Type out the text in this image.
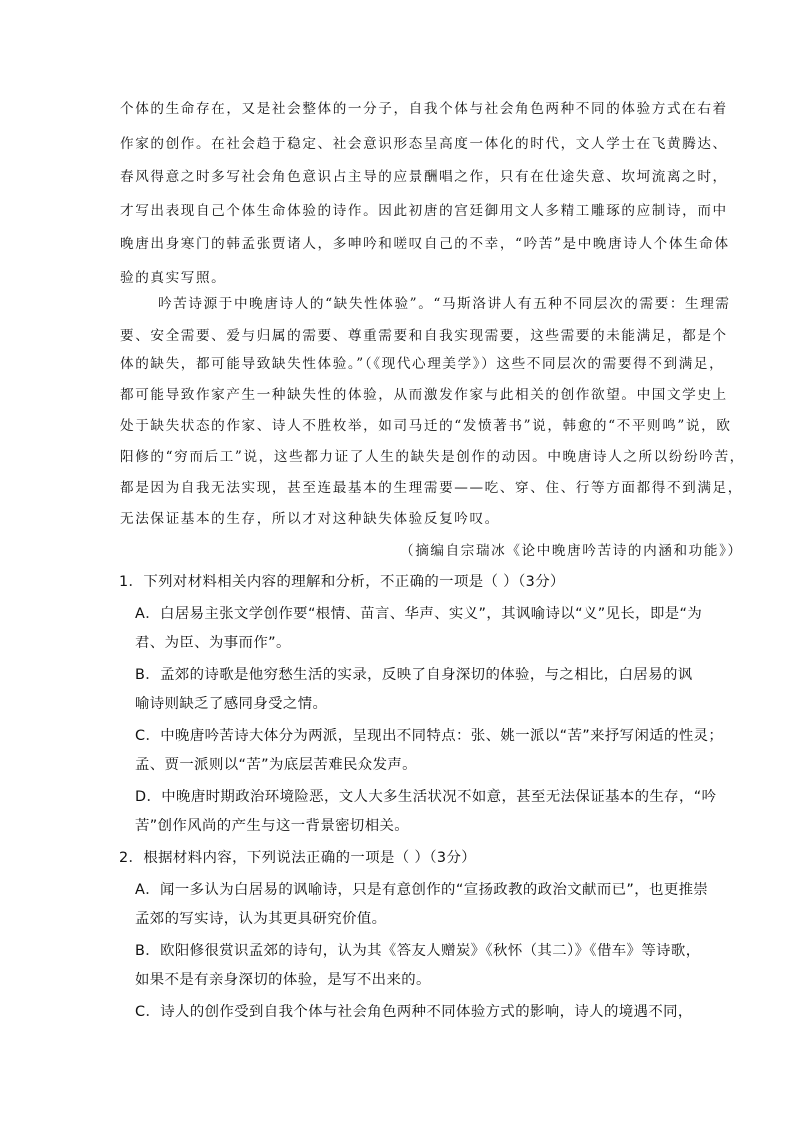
个体的生命存在，又是社会整体的一分子，自我个体与社会角色两种不同的体验方式在右着
作家的创作。在社会趋于稳定、社会意识形态呈高度一体化的时代，文人学士在飞黄腾达、
春风得意之时多写社会角色意识占主导的应景酬唱之作，只有在仕途失意、坎坷流离之时，
才写出表现自己个体生命体验的诗作。因此初唐的宫廷御用文人多精工雕琢的应制诗，而中
晚唐出身寒门的韩孟张贾诸人，多呻吟和嗟叹自己的不幸，“吟苦”是中晚唐诗人个体生命体
验的真实写照。
吟苦诗源于中晚唐诗人的“缺失性体验”。“马斯洛讲人有五种不同层次的需要：生理需
要、安全需要、爱与归属的需要、尊重需要和自我实现需要，这些需要的未能满足，都是个
体的缺失，都可能导致缺失性体验。”（《现代心理美学》）这些不同层次的需要得不到满足，
都可能导致作家产生一种缺失性的体验，从而激发作家与此相关的创作欲望。中国文学史上
处于缺失状态的作家、诗人不胜枚举，如司马迁的“发愤著书”说，韩愈的“不平则鸣”说，欧
阳修的“穷而后工”说，这些都力证了人生的缺失是创作的动因。中晚唐诗人之所以纷纷吟苦，
都是因为自我无法实现，甚至连最基本的生理需要——吃、穿、住、行等方面都得不到满足，
无法保证基本的生存，所以才对这种缺失体验反复吟叹。
（摘编自宗瑞冰《论中晚唐吟苦诗的内涵和功能》）
1．下列对材料相关内容的理解和分析，不正确的一项是（ ）（3分）
A．白居易主张文学创作要“根情、苗言、华声、实义”，其讽喻诗以“义”见长，即是“为
君、为臣、为事而作”。
B．孟郊的诗歌是他穷愁生活的实录，反映了自身深切的体验，与之相比，白居易的讽
喻诗则缺乏了感同身受之情。
C．中晚唐吟苦诗大体分为两派，呈现出不同特点：张、姚一派以“苦”来抒写闲适的性灵；
孟、贾一派则以“苦”为底层苦难民众发声。
D．中晚唐时期政治环境险恶，文人大多生活状况不如意，甚至无法保证基本的生存，“吟
苦”创作风尚的产生与这一背景密切相关。
2．根据材料内容，下列说法正确的一项是（ ）（3分）
A．闻一多认为白居易的讽喻诗，只是有意创作的“宣扬政教的政治文献而已”，也更推崇
孟郊的写实诗，认为其更具研究价值。
B．欧阳修很赏识孟郊的诗句，认为其《答友人赠炭》《秋怀（其二）》《借车》等诗歌，
如果不是有亲身深切的体验，是写不出来的。
C．诗人的创作受到自我个体与社会角色两种不同体验方式的影响，诗人的境遇不同，
